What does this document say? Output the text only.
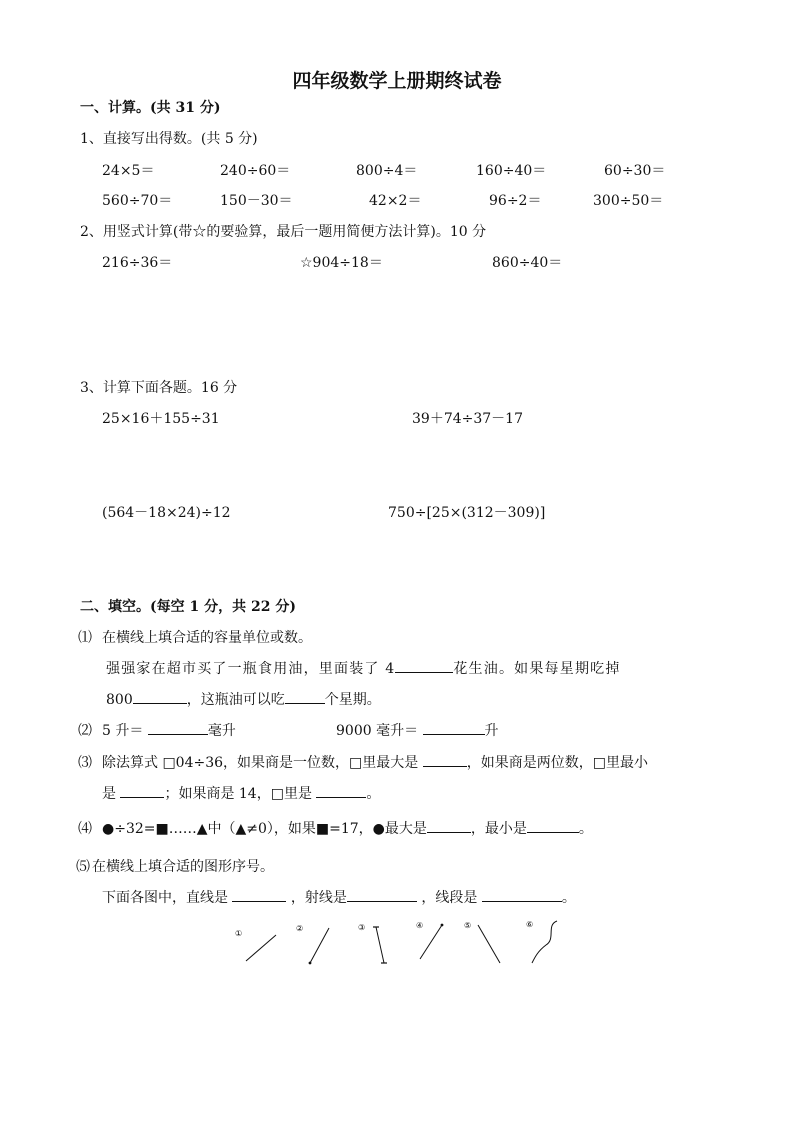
四年级数学上册期终试卷
一、计算。(共 31 分)
1、直接写出得数。(共 5 分)
24×5＝	240÷60＝	800÷4＝	160÷40＝	60÷30＝
560÷70＝	150－30＝	42×2＝	96÷2＝	300÷50＝
2、用竖式计算(带☆的要验算，最后一题用简便方法计算)。10 分
216÷36＝	☆904÷18＝	860÷40＝
3、计算下面各题。16 分
25×16＋155÷31	39＋74÷37－17
(564－18×24)÷12	750÷[25×(312－309)]
二、填空。(每空 1 分，共 22 分)
⑴ 在横线上填合适的容量单位或数。
强强家在超市买了一瓶食用油，里面装了 4	花生油。如果每星期吃掉
800	，这瓶油可以吃	个星期。
⑵ 5 升＝	毫升	9000 毫升＝	升
⑶ 除法算式 □04÷36，如果商是一位数，□里最大是	，如果商是两位数，□里最小
是	；如果商是 14，□里是	。
⑷ ●÷32=■……▲中（▲≠0），如果■=17，●最大是	，最小是	。
⑸ 在横线上填合适的图形序号。
下面各图中，直线是	，射线是	，线段是	。
①
②	③	④	⑤	⑥
